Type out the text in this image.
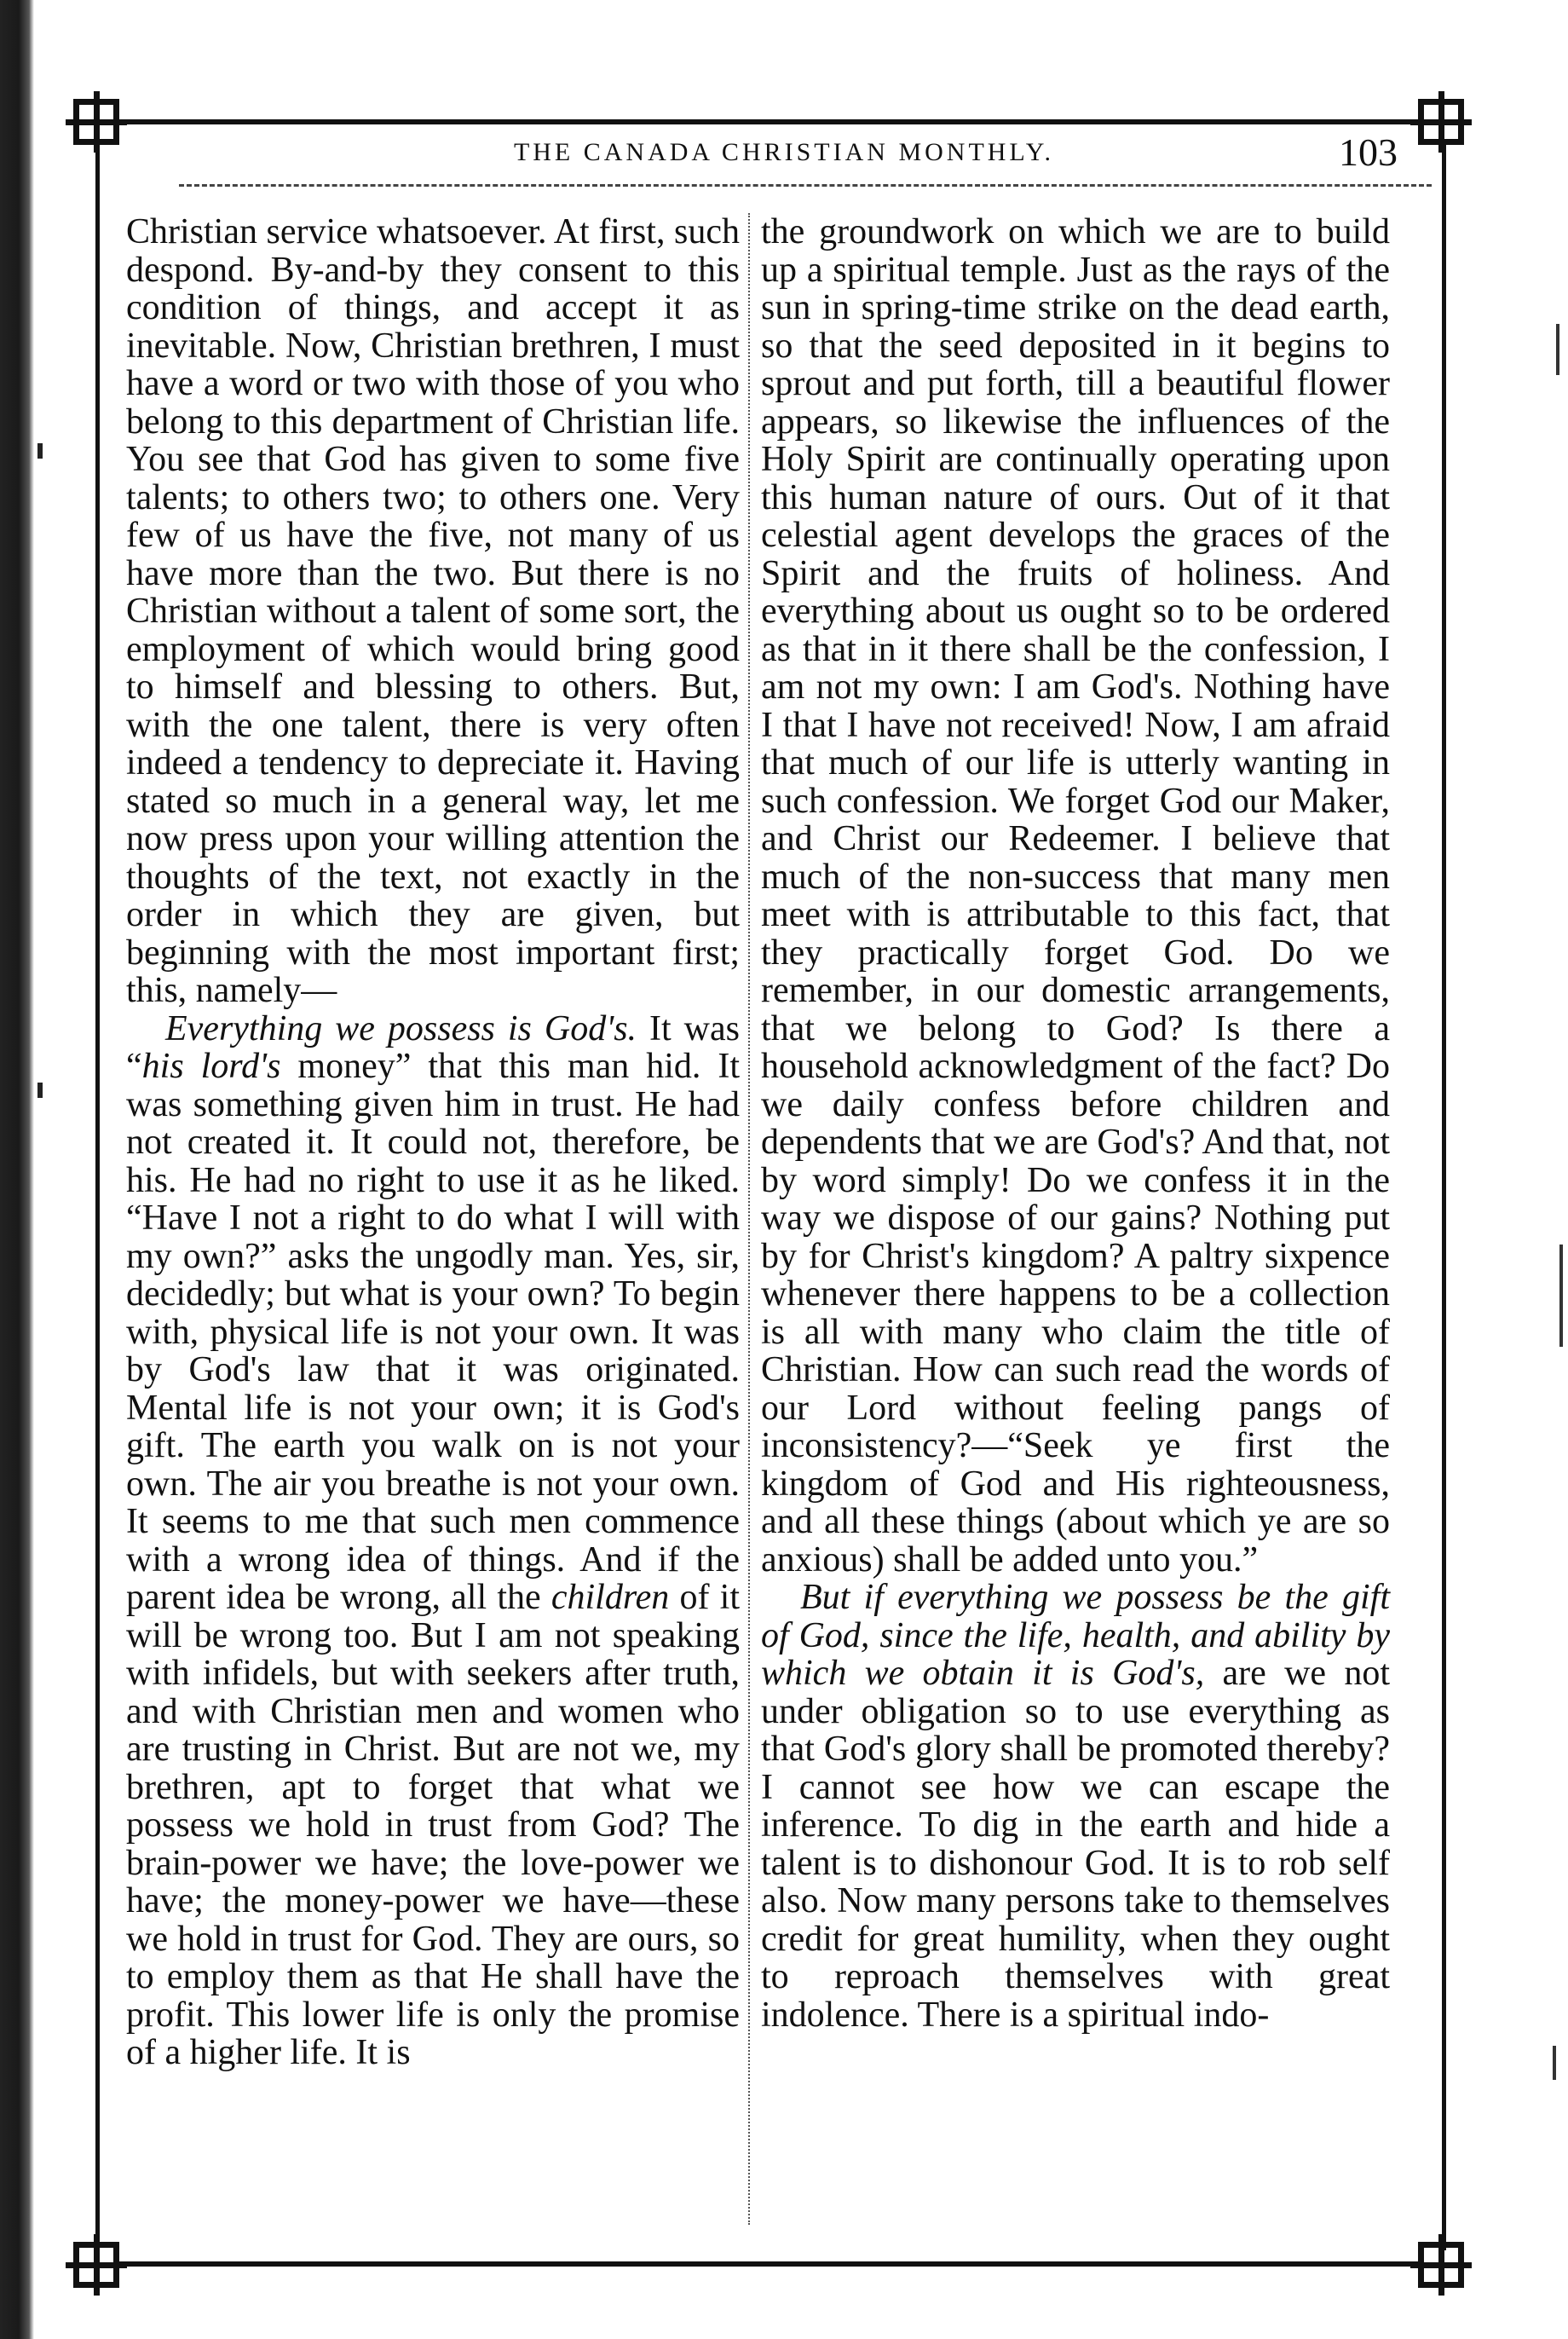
THE CANADA CHRISTIAN MONTHLY.	103

Christian service whatsoever. At first, such despond. By-and-by they consent to this condition of things, and accept it as inevitable. Now, Christian brethren, I must have a word or two with those of you who belong to this department of Christian life. You see that God has given to some five talents; to others two; to others one. Very few of us have the five, not many of us have more than the two. But there is no Christian without a talent of some sort, the employment of which would bring good to himself and blessing to others. But, with the one talent, there is very often indeed a tendency to depreciate it. Having stated so much in a general way, let me now press upon your willing attention the thoughts of the text, not exactly in the order in which they are given, but beginning with the most important first; this, namely—

Everything we possess is God's. It was “his lord's money” that this man hid. It was something given him in trust. He had not created it. It could not, therefore, be his. He had no right to use it as he liked. “Have I not a right to do what I will with my own?” asks the ungodly man. Yes, sir, decidedly; but what is your own? To begin with, physical life is not your own. It was by God's law that it was originated. Mental life is not your own; it is God's gift. The earth you walk on is not your own. The air you breathe is not your own. It seems to me that such men commence with a wrong idea of things. And if the parent idea be wrong, all the children of it will be wrong too. But I am not speaking with infidels, but with seekers after truth, and with Christian men and women who are trusting in Christ. But are not we, my brethren, apt to forget that what we possess we hold in trust from God? The brain-power we have; the love-power we have; the money-power we have—these we hold in trust for God. They are ours, so to employ them as that He shall have the profit. This lower life is only the promise of a higher life. It is

the groundwork on which we are to build up a spiritual temple. Just as the rays of the sun in spring-time strike on the dead earth, so that the seed deposited in it begins to sprout and put forth, till a beautiful flower appears, so likewise the influences of the Holy Spirit are continually operating upon this human nature of ours. Out of it that celestial agent develops the graces of the Spirit and the fruits of holiness. And everything about us ought so to be ordered as that in it there shall be the confession, I am not my own: I am God's. Nothing have I that I have not received! Now, I am afraid that much of our life is utterly wanting in such confession. We forget God our Maker, and Christ our Redeemer. I believe that much of the non-success that many men meet with is attributable to this fact, that they practically forget God. Do we remember, in our domestic arrangements, that we belong to God? Is there a household acknowledgment of the fact? Do we daily confess before children and dependents that we are God's? And that, not by word simply! Do we confess it in the way we dispose of our gains? Nothing put by for Christ's kingdom? A paltry sixpence whenever there happens to be a collection is all with many who claim the title of Christian. How can such read the words of our Lord without feeling pangs of inconsistency?—“Seek ye first the kingdom of God and His righteousness, and all these things (about which ye are so anxious) shall be added unto you.”

But if everything we possess be the gift of God, since the life, health, and ability by which we obtain it is God's, are we not under obligation so to use everything as that God's glory shall be promoted thereby? I cannot see how we can escape the inference. To dig in the earth and hide a talent is to dishonour God. It is to rob self also. Now many persons take to themselves credit for great humility, when they ought to reproach themselves with great indolence. There is a spiritual indo-
